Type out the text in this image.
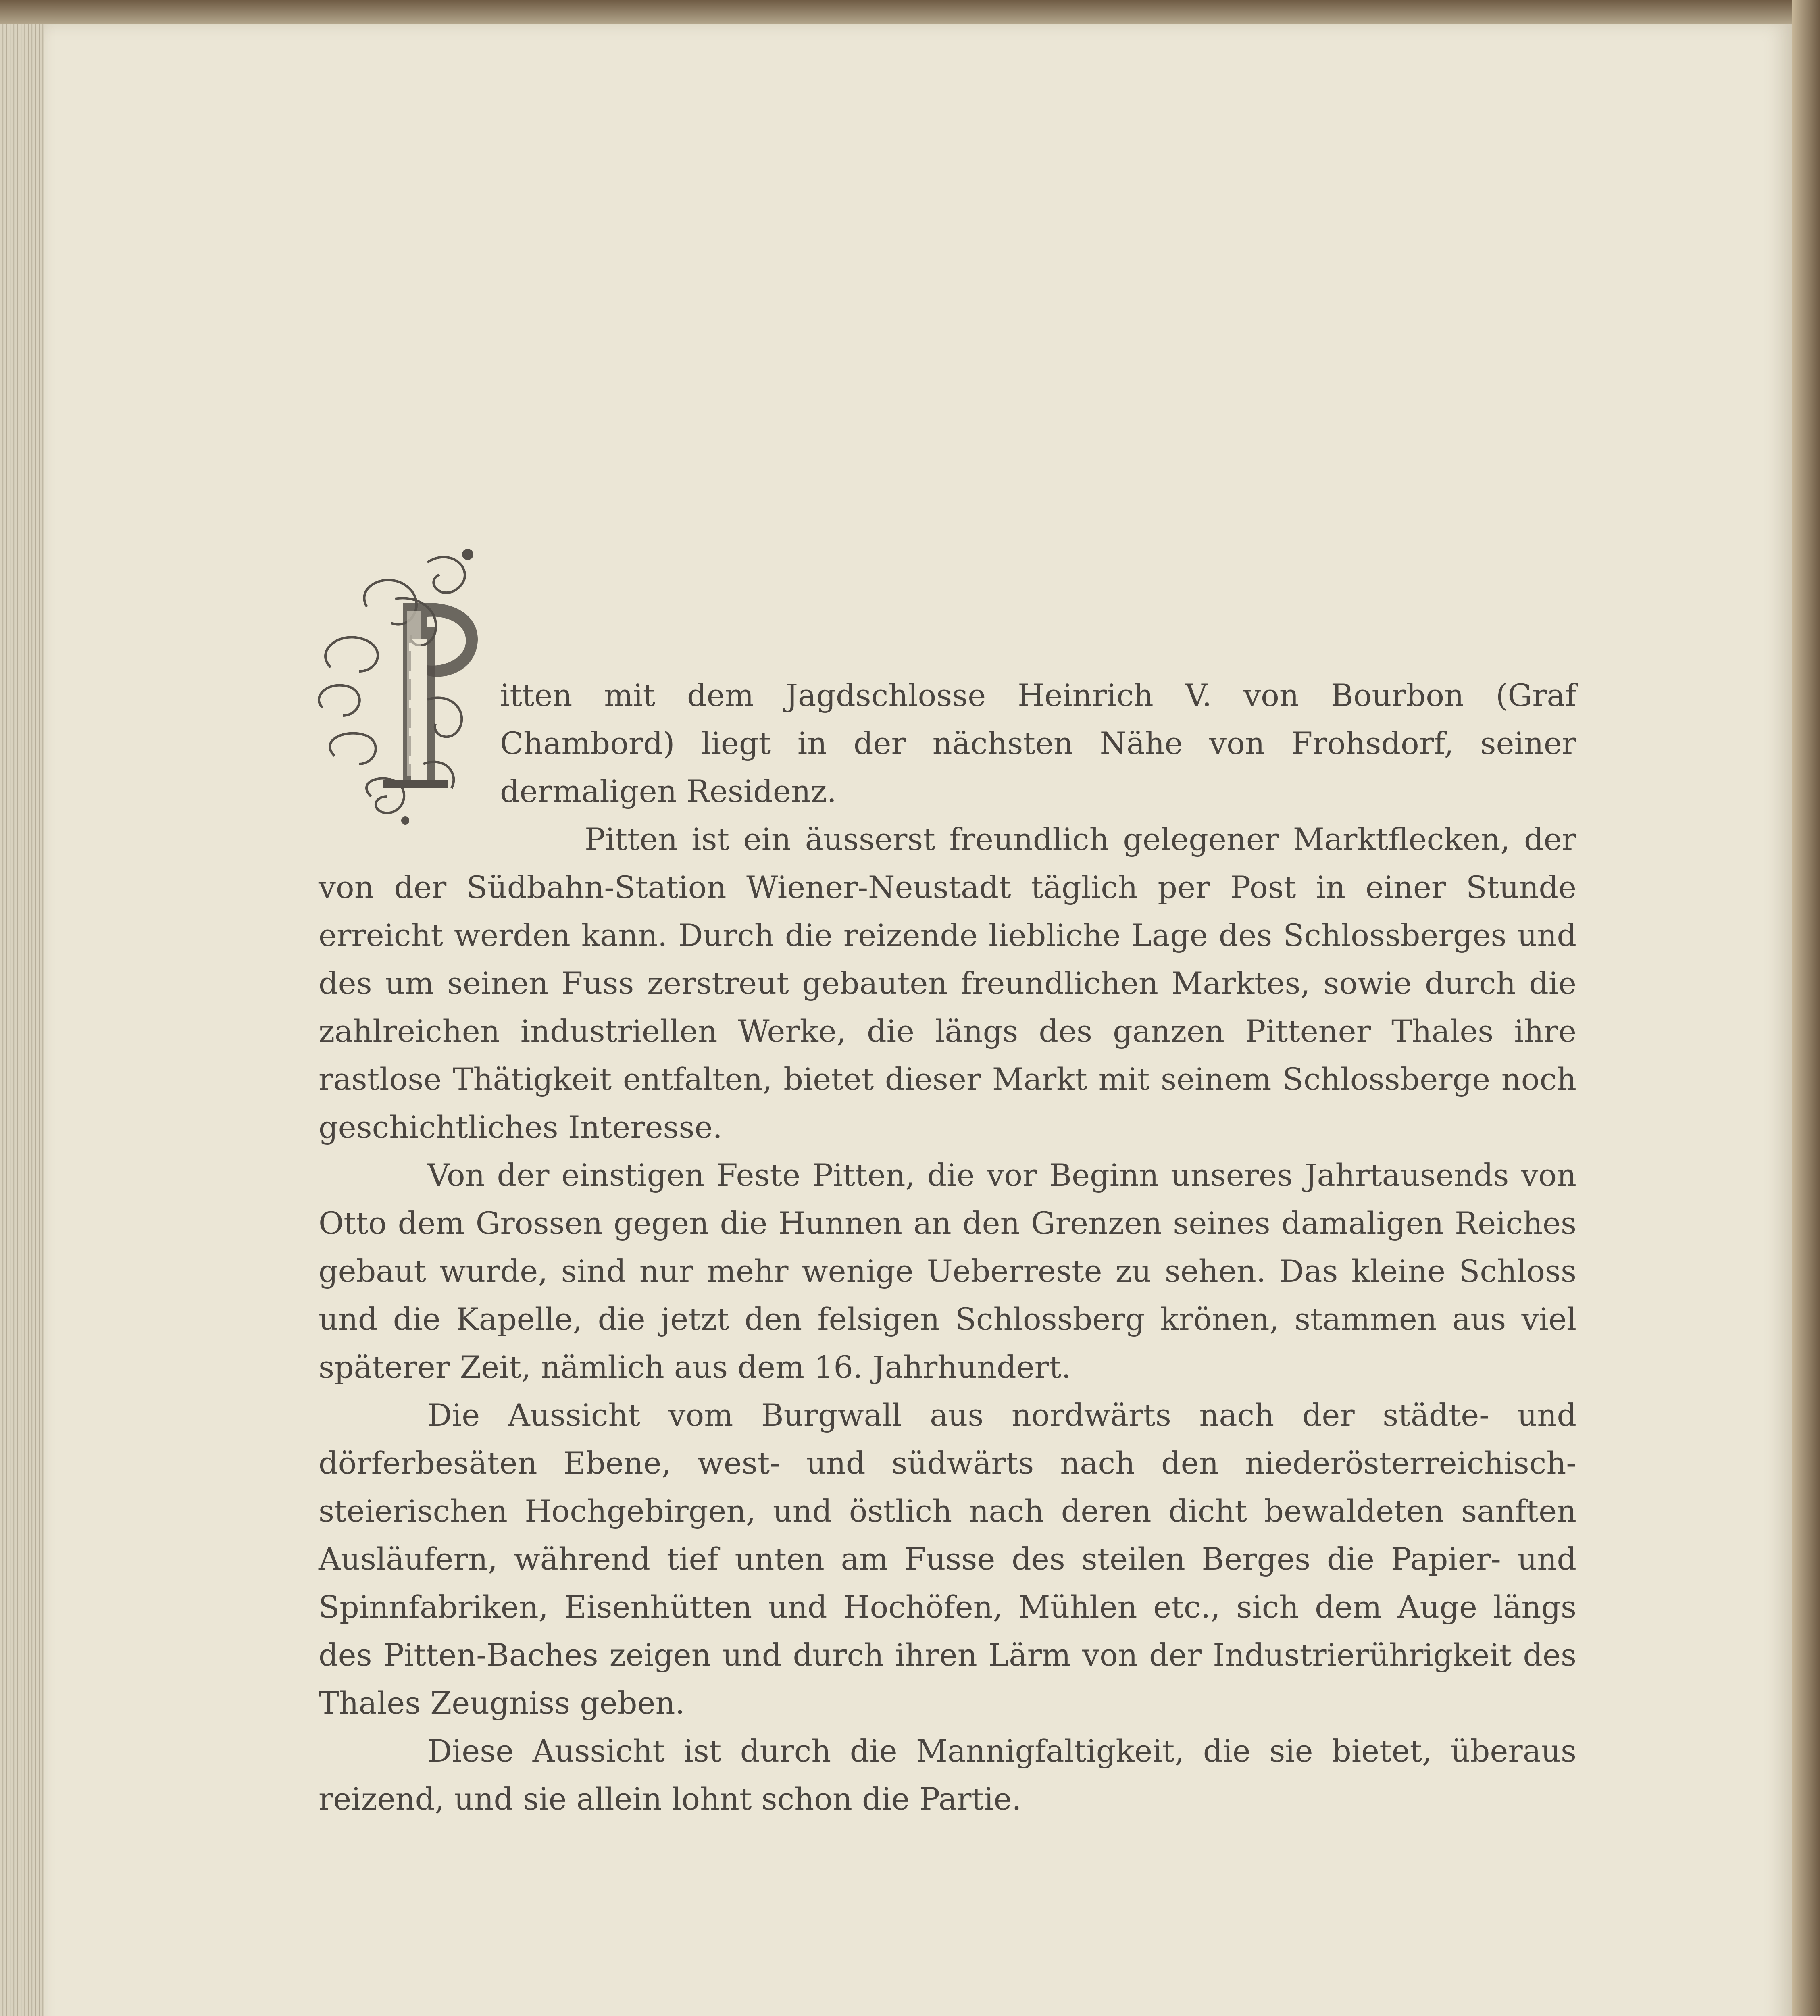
itten mit dem Jagdschlosse Heinrich V. von Bourbon (Graf Chambord) liegt in der nächsten Nähe von Frohsdorf, seiner dermaligen Residenz.

Pitten ist ein äusserst freundlich gelegener Marktflecken, der von der Südbahn-Station Wiener-Neustadt täglich per Post in einer Stunde erreicht werden kann. Durch die reizende liebliche Lage des Schlossberges und des um seinen Fuss zerstreut gebauten freundlichen Marktes, sowie durch die zahlreichen industriellen Werke, die längs des ganzen Pittener Thales ihre rastlose Thätigkeit entfalten, bietet dieser Markt mit seinem Schlossberge noch geschichtliches Interesse.

Von der einstigen Feste Pitten, die vor Beginn unseres Jahrtausends von Otto dem Grossen gegen die Hunnen an den Grenzen seines damaligen Reiches gebaut wurde, sind nur mehr wenige Ueberreste zu sehen. Das kleine Schloss und die Kapelle, die jetzt den felsigen Schlossberg krönen, stammen aus viel späterer Zeit, nämlich aus dem 16. Jahrhundert.

Die Aussicht vom Burgwall aus nordwärts nach der städte- und dörferbesäten Ebene, west- und südwärts nach den niederösterreichisch-steierischen Hochgebirgen, und östlich nach deren dicht bewaldeten sanften Ausläufern, während tief unten am Fusse des steilen Berges die Papier- und Spinnfabriken, Eisenhütten und Hochöfen, Mühlen etc., sich dem Auge längs des Pitten-Baches zeigen und durch ihren Lärm von der Industrierührigkeit des Thales Zeugniss geben.

Diese Aussicht ist durch die Mannigfaltigkeit, die sie bietet, überaus reizend, und sie allein lohnt schon die Partie.
